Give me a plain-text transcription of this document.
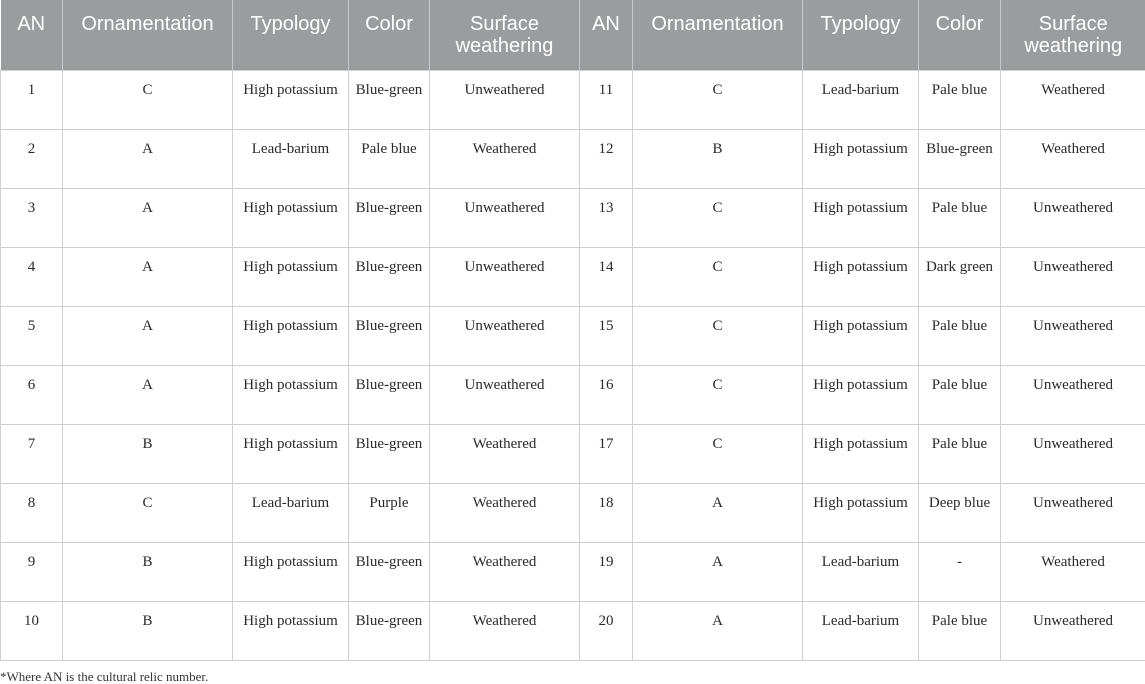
AN	Ornamentation	Typology	Color	Surface weathering	AN	Ornamentation	Typology	Color	Surface weathering
1	C	High potassium	Blue-green	Unweathered	11	C	Lead-barium	Pale blue	Weathered
2	A	Lead-barium	Pale blue	Weathered	12	B	High potassium	Blue-green	Weathered
3	A	High potassium	Blue-green	Unweathered	13	C	High potassium	Pale blue	Unweathered
4	A	High potassium	Blue-green	Unweathered	14	C	High potassium	Dark green	Unweathered
5	A	High potassium	Blue-green	Unweathered	15	C	High potassium	Pale blue	Unweathered
6	A	High potassium	Blue-green	Unweathered	16	C	High potassium	Pale blue	Unweathered
7	B	High potassium	Blue-green	Weathered	17	C	High potassium	Pale blue	Unweathered
8	C	Lead-barium	Purple	Weathered	18	A	High potassium	Deep blue	Unweathered
9	B	High potassium	Blue-green	Weathered	19	A	Lead-barium	-	Weathered
10	B	High potassium	Blue-green	Weathered	20	A	Lead-barium	Pale blue	Unweathered
*Where AN is the cultural relic number.
